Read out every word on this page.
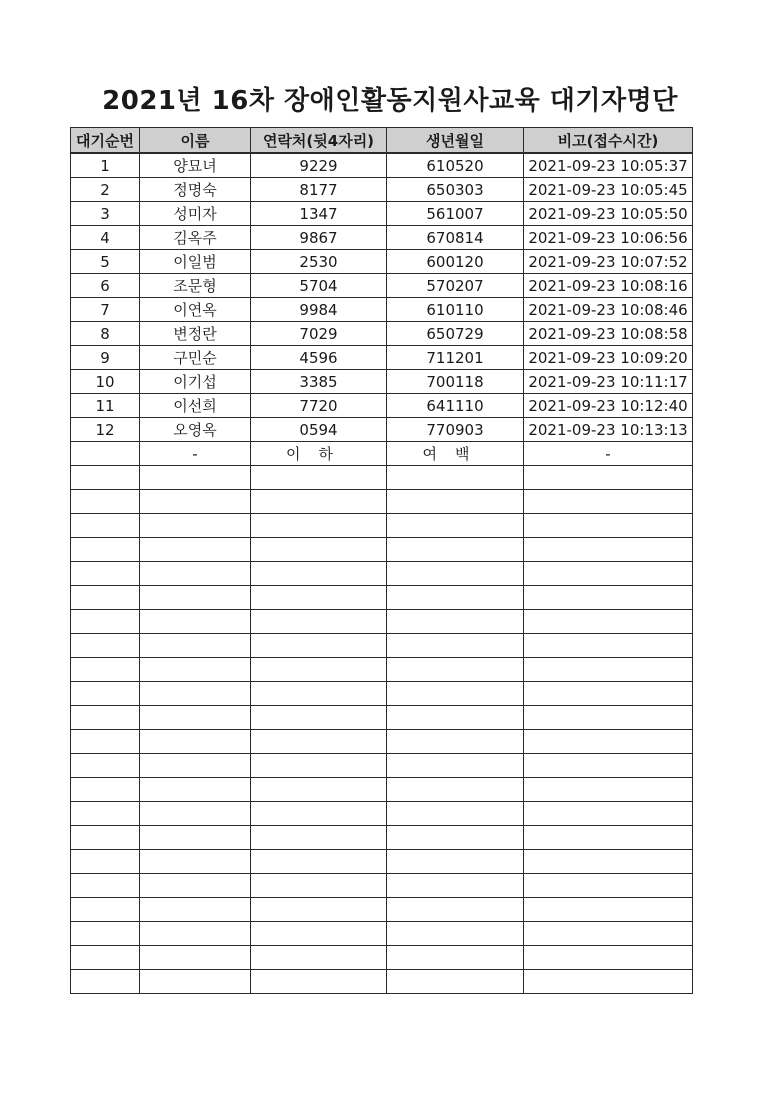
2021년 16차 장애인활동지원사교육 대기자명단
대기순번	이름	연락처(뒷4자리)	생년월일	비고(접수시간)
1	양묘녀	9229	610520	2021-09-23 10:05:37
2	정명숙	8177	650303	2021-09-23 10:05:45
3	성미자	1347	561007	2021-09-23 10:05:50
4	김옥주	9867	670814	2021-09-23 10:06:56
5	이일범	2530	600120	2021-09-23 10:07:52
6	조문형	5704	570207	2021-09-23 10:08:16
7	이연옥	9984	610110	2021-09-23 10:08:46
8	변정란	7029	650729	2021-09-23 10:08:58
9	구민순	4596	711201	2021-09-23 10:09:20
10	이기섭	3385	700118	2021-09-23 10:11:17
11	이선희	7720	641110	2021-09-23 10:12:40
12	오영옥	0594	770903	2021-09-23 10:13:13
	-	이하	여백	-
